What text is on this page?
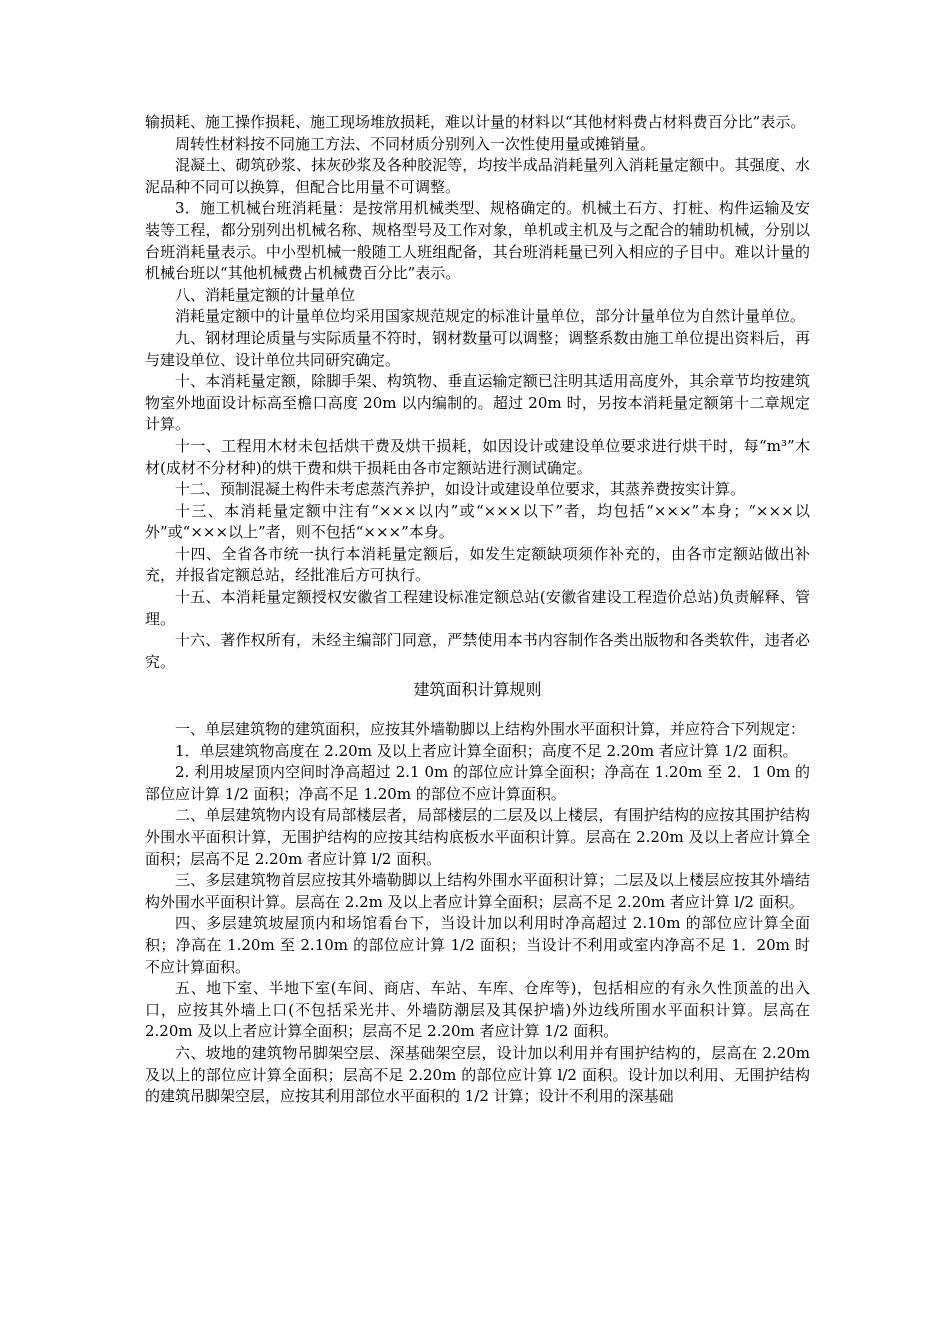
输损耗、施工操作损耗、施工现场堆放损耗，难以计量的材料以“其他材料费占材料费百分比”表示。

周转性材料按不同施工方法、不同材质分别列入一次性使用量或摊销量。

混凝土、砌筑砂浆、抹灰砂浆及各种胶泥等，均按半成品消耗量列入消耗量定额中。其强度、水泥品种不同可以换算，但配合比用量不可调整。

3．施工机械台班消耗量：是按常用机械类型、规格确定的。机械土石方、打桩、构件运输及安装等工程，都分别列出机械名称、规格型号及工作对象，单机或主机及与之配合的辅助机械，分别以台班消耗量表示。中小型机械一般随工人班组配备，其台班消耗量已列入相应的子目中。难以计量的机械台班以“其他机械费占机械费百分比”表示。

八、消耗量定额的计量单位

消耗量定额中的计量单位均采用国家规范规定的标准计量单位，部分计量单位为自然计量单位。

九、钢材理论质量与实际质量不符时，钢材数量可以调整；调整系数由施工单位提出资料后，再与建设单位、设计单位共同研究确定。

十、本消耗量定额，除脚手架、构筑物、垂直运输定额已注明其适用高度外，其余章节均按建筑物室外地面设计标高至檐口高度 20m 以内编制的。超过 20m 时，另按本消耗量定额第十二章规定计算。

十一、工程用木材未包括烘干费及烘干损耗，如因设计或建设单位要求进行烘干时，每“m³”木材(成材不分材种)的烘干费和烘干损耗由各市定额站进行测试确定。

十二、预制混凝土构件未考虑蒸汽养护，如设计或建设单位要求，其蒸养费按实计算。

十三、本消耗量定额中注有“×××以内”或“×××以下”者，均包括“×××”本身；“×××以外”或“×××以上”者，则不包括“×××”本身。

十四、全省各市统一执行本消耗量定额后，如发生定额缺项须作补充的，由各市定额站做出补充，并报省定额总站，经批准后方可执行。

十五、本消耗量定额授权安徽省工程建设标准定额总站(安徽省建设工程造价总站)负责解释、管理。

十六、著作权所有，未经主编部门同意，严禁使用本书内容制作各类出版物和各类软件，违者必究。

建筑面积计算规则

一、单层建筑物的建筑面积，应按其外墙勒脚以上结构外围水平面积计算，并应符合下列规定：

1．单层建筑物高度在 2.20m 及以上者应计算全面积；高度不足 2.20m 者应计算 1/2 面积。

2. 利用坡屋顶内空间时净高超过 2.1 0m 的部位应计算全面积；净高在 1.20m 至 2．1 0m 的部位应计算 1/2 面积；净高不足 1.20m 的部位不应计算面积。

二、单层建筑物内设有局部楼层者，局部楼层的二层及以上楼层，有围护结构的应按其围护结构外围水平面积计算，无围护结构的应按其结构底板水平面积计算。层高在 2.20m 及以上者应计算全面积；层高不足 2.20m 者应计算 l/2 面积。

三、多层建筑物首层应按其外墙勒脚以上结构外围水平面积计算；二层及以上楼层应按其外墙结构外围水平面积计算。层高在 2.2m 及以上者应计算全面积；层高不足 2.20m 者应计算 l/2 面积。

四、多层建筑坡屋顶内和场馆看台下，当设计加以利用时净高超过 2.10m 的部位应计算全面积；净高在 1.20m 至 2.10m 的部位应计算 1/2 面积；当设计不利用或室内净高不足 1．20m 时不应计算面积。

五、地下室、半地下室(车间、商店、车站、车库、仓库等)，包括相应的有永久性顶盖的出入口，应按其外墙上口(不包括采光井、外墙防潮层及其保护墙)外边线所围水平面积计算。层高在 2.20m 及以上者应计算全面积；层高不足 2.20m 者应计算 1/2 面积。

六、坡地的建筑物吊脚架空层、深基础架空层，设计加以利用并有围护结构的，层高在 2.20m 及以上的部位应计算全面积；层高不足 2.20m 的部位应计算 l/2 面积。设计加以利用、无围护结构的建筑吊脚架空层，应按其利用部位水平面积的 1/2 计算；设计不利用的深基础
